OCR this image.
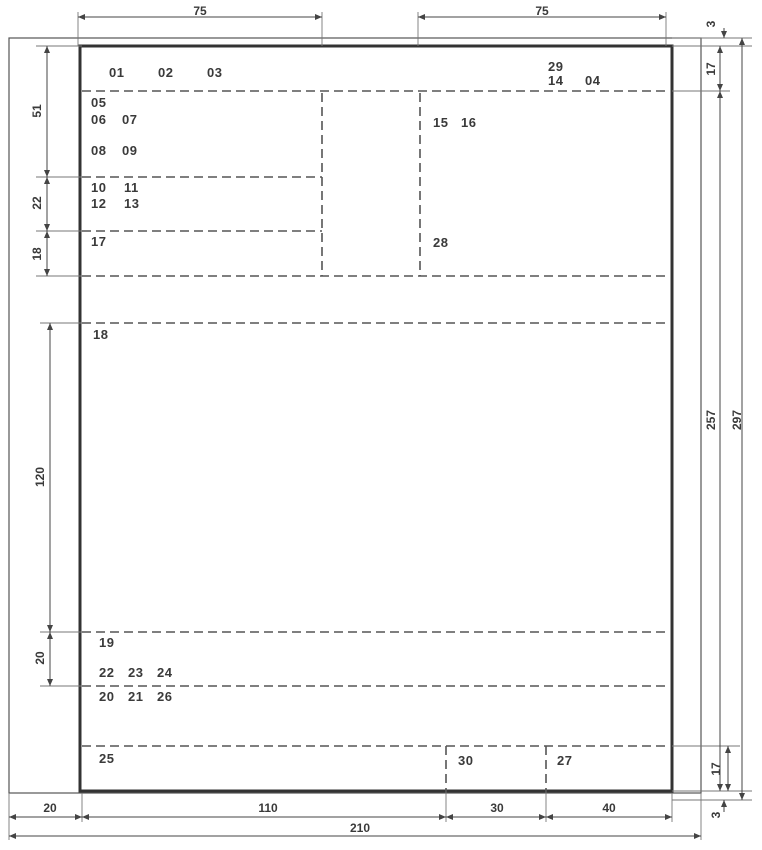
01	02	03	29
14 04
05
06 07
08 09
15 16
10 11
12 13
17	28
18
19
22 23 24
20 21 26
25	30	27
75	75
51
22
18
120
20
3
17
257 297
17
3
20	110	30	40
210
